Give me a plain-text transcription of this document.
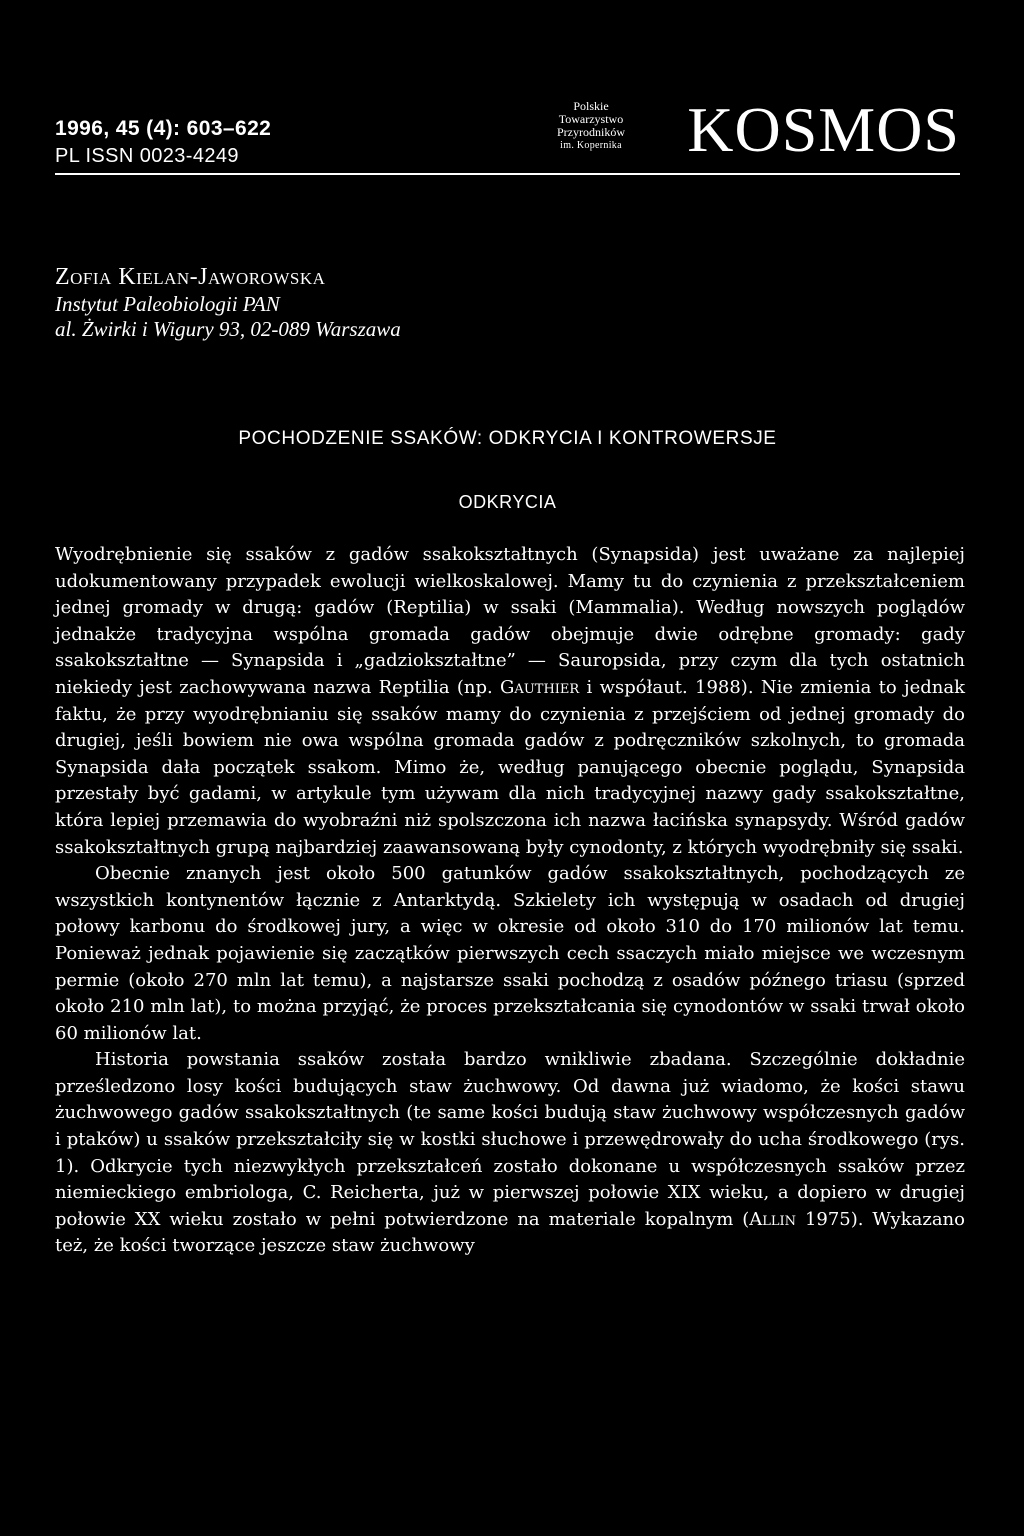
1996, 45 (4): 603–622
PL ISSN 0023-4249
Polskie
Towarzystwo
Przyrodników
im. Kopernika KOSMOS
Zofia Kielan-Jaworowska
Instytut Paleobiologii PAN
al. Żwirki i Wigury 93, 02-089 Warszawa
POCHODZENIE SSAKÓW: ODKRYCIA I KONTROWERSJE
ODKRYCIA

Wyodrębnienie się ssaków z gadów ssakokształtnych (Synapsida) jest uważane za najlepiej udokumentowany przypadek ewolucji wielkoskalowej. Mamy tu do czynienia z przekształceniem jednej gromady w drugą: gadów (Reptilia) w ssaki (Mammalia). Według nowszych poglądów jednakże tradycyjna wspólna gromada gadów obejmuje dwie odrębne gromady: gady ssakokształtne — Synapsida i „gadziokształtne” — Sauropsida, przy czym dla tych ostatnich niekiedy jest zachowywana nazwa Reptilia (np. Gauthier i współaut. 1988). Nie zmienia to jednak faktu, że przy wyodrębnianiu się ssaków mamy do czynienia z przejściem od jednej gromady do drugiej, jeśli bowiem nie owa wspólna gromada gadów z podręczników szkolnych, to gromada Synapsida dała początek ssakom. Mimo że, według panującego obecnie poglądu, Synapsida przestały być gadami, w artykule tym używam dla nich tradycyjnej nazwy gady ssakokształtne, która lepiej przemawia do wyobraźni niż spolszczona ich nazwa łacińska synapsydy. Wśród gadów ssakokształtnych grupą najbardziej zaawansowaną były cynodonty, z których wyodrębniły się ssaki.

Obecnie znanych jest około 500 gatunków gadów ssakokształtnych, pochodzących ze wszystkich kontynentów łącznie z Antarktydą. Szkielety ich występują w osadach od drugiej połowy karbonu do środkowej jury, a więc w okresie od około 310 do 170 milionów lat temu. Ponieważ jednak pojawienie się zaczątków pierwszych cech ssaczych miało miejsce we wczesnym permie (około 270 mln lat temu), a najstarsze ssaki pochodzą z osadów późnego triasu (sprzed około 210 mln lat), to można przyjąć, że proces przekształcania się cynodontów w ssaki trwał około 60 milionów lat.

Historia powstania ssaków została bardzo wnikliwie zbadana. Szczególnie dokładnie prześledzono losy kości budujących staw żuchwowy. Od dawna już wiadomo, że kości stawu żuchwowego gadów ssakokształtnych (te same kości budują staw żuchwowy współczesnych gadów i ptaków) u ssaków przekształciły się w kostki słuchowe i przewędrowały do ucha środkowego (rys. 1). Odkrycie tych niezwykłych przekształceń zostało dokonane u współczesnych ssaków przez niemieckiego embriologa, C. Reicherta, już w pierwszej połowie XIX wieku, a dopiero w drugiej połowie XX wieku zostało w pełni potwierdzone na materiale kopalnym (Allin 1975). Wykazano też, że kości tworzące jeszcze staw żuchwowy
